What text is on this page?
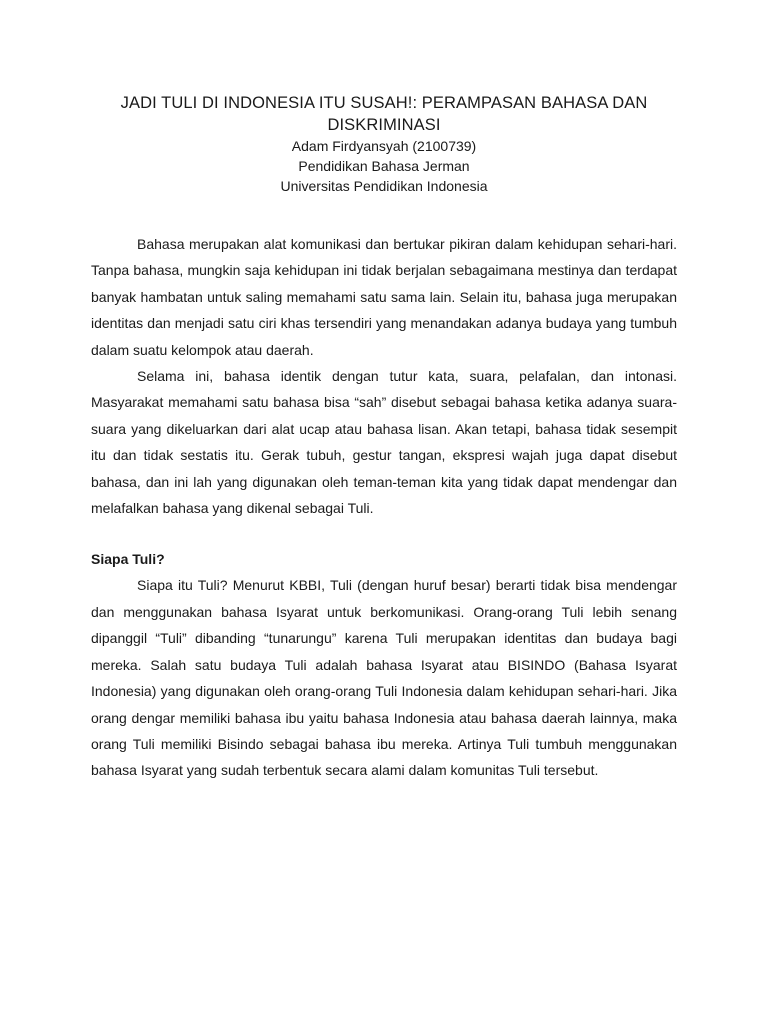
JADI TULI DI INDONESIA ITU SUSAH!: PERAMPASAN BAHASA DAN DISKRIMINASI
Adam Firdyansyah (2100739)
Pendidikan Bahasa Jerman
Universitas Pendidikan Indonesia

Bahasa merupakan alat komunikasi dan bertukar pikiran dalam kehidupan sehari-hari. Tanpa bahasa, mungkin saja kehidupan ini tidak berjalan sebagaimana mestinya dan terdapat banyak hambatan untuk saling memahami satu sama lain. Selain itu, bahasa juga merupakan identitas dan menjadi satu ciri khas tersendiri yang menandakan adanya budaya yang tumbuh dalam suatu kelompok atau daerah.

Selama ini, bahasa identik dengan tutur kata, suara, pelafalan, dan intonasi. Masyarakat memahami satu bahasa bisa “sah” disebut sebagai bahasa ketika adanya suara-suara yang dikeluarkan dari alat ucap atau bahasa lisan. Akan tetapi, bahasa tidak sesempit itu dan tidak sestatis itu. Gerak tubuh, gestur tangan, ekspresi wajah juga dapat disebut bahasa, dan ini lah yang digunakan oleh teman-teman kita yang tidak dapat mendengar dan melafalkan bahasa yang dikenal sebagai Tuli.

Siapa Tuli?

Siapa itu Tuli? Menurut KBBI, Tuli (dengan huruf besar) berarti tidak bisa mendengar dan menggunakan bahasa Isyarat untuk berkomunikasi. Orang-orang Tuli lebih senang dipanggil “Tuli” dibanding “tunarungu” karena Tuli merupakan identitas dan budaya bagi mereka. Salah satu budaya Tuli adalah bahasa Isyarat atau BISINDO (Bahasa Isyarat Indonesia) yang digunakan oleh orang-orang Tuli Indonesia dalam kehidupan sehari-hari. Jika orang dengar memiliki bahasa ibu yaitu bahasa Indonesia atau bahasa daerah lainnya, maka orang Tuli memiliki Bisindo sebagai bahasa ibu mereka. Artinya Tuli tumbuh menggunakan bahasa Isyarat yang sudah terbentuk secara alami dalam komunitas Tuli tersebut.
